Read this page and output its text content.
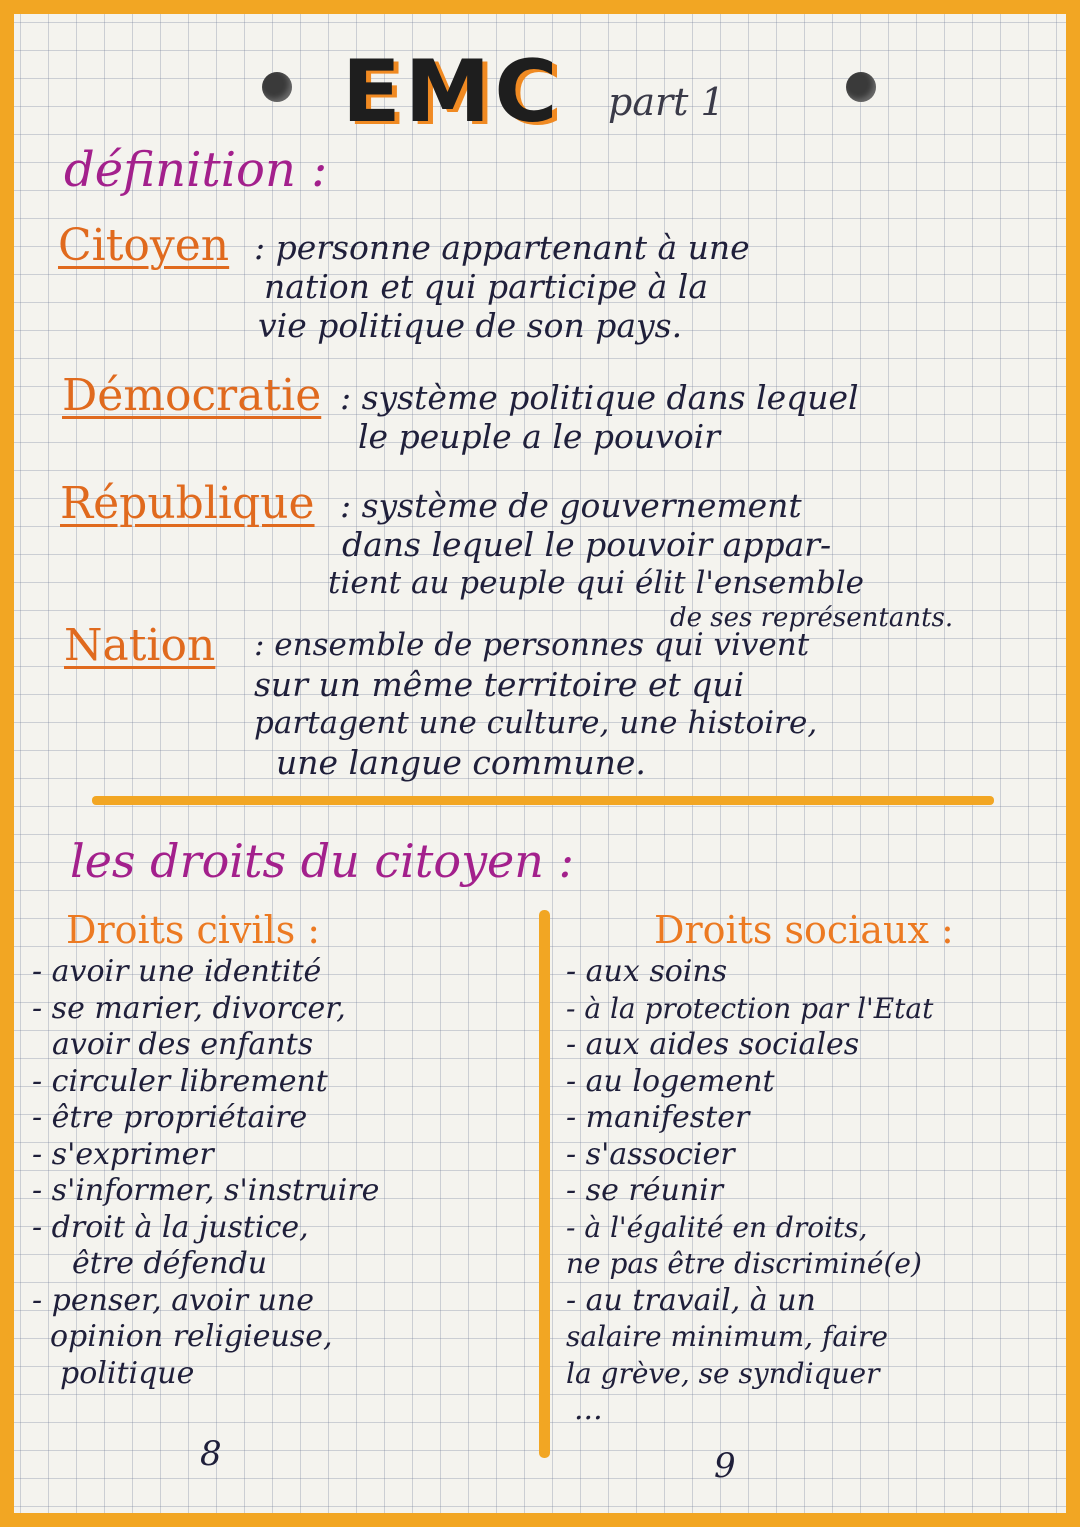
EMC part 1
définition :
Citoyen : personne appartenant à une
nation et qui participe à la
vie politique de son pays.
Démocratie : système politique dans lequel
le peuple a le pouvoir
République : système de gouvernement
dans lequel le pouvoir appar-
tient au peuple qui élit l'ensemble
de ses représentants.
Nation : ensemble de personnes qui vivent
sur un même territoire et qui
partagent une culture, une histoire,
une langue commune.
les droits du citoyen :
Droits civils :
- avoir une identité
- se marier, divorcer,
avoir des enfants
- circuler librement
- être propriétaire
- s'exprimer
- s'informer, s'instruire
- droit à la justice,
être défendu
- penser, avoir une
opinion religieuse,
politique
Droits sociaux :
- aux soins
- à la protection par l'Etat
- aux aides sociales
- au logement
- manifester
- s'associer
- se réunir
- à l'égalité en droits,
ne pas être discriminé(e)
- au travail, à un
salaire minimum, faire
la grève, se syndiquer
...
8	9
